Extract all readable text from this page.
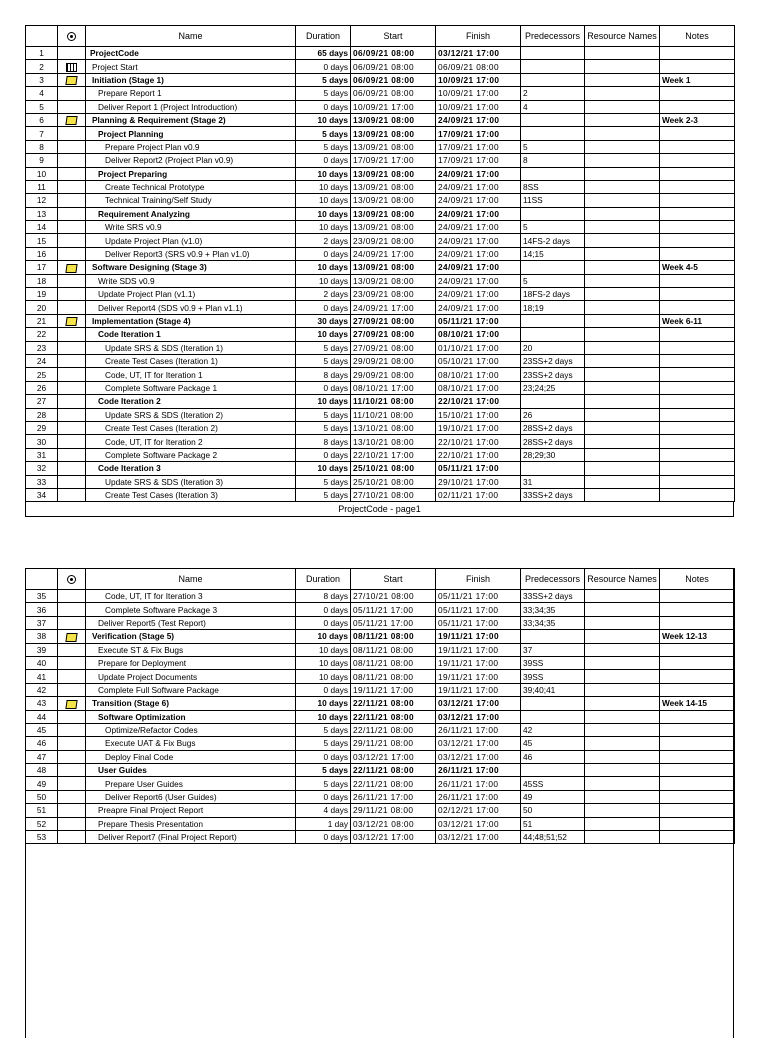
		Name	Duration	Start	Finish	Predecessors	Resource Names	Notes
1		ProjectCode	65 days	06/09/21 08:00	03/12/21 17:00			
2		Project Start	0 days	06/09/21 08:00	06/09/21 08:00			
3		Initiation (Stage 1)	5 days	06/09/21 08:00	10/09/21 17:00			Week 1
4		Prepare Report 1	5 days	06/09/21 08:00	10/09/21 17:00	2		
5		Deliver Report 1 (Project Introduction)	0 days	10/09/21 17:00	10/09/21 17:00	4		
6		Planning & Requirement (Stage 2)	10 days	13/09/21 08:00	24/09/21 17:00			Week 2-3
7		Project Planning	5 days	13/09/21 08:00	17/09/21 17:00			
8		Prepare Project Plan v0.9	5 days	13/09/21 08:00	17/09/21 17:00	5		
9		Deliver Report2 (Project Plan v0.9)	0 days	17/09/21 17:00	17/09/21 17:00	8		
10		Project Preparing	10 days	13/09/21 08:00	24/09/21 17:00			
11		Create Technical Prototype	10 days	13/09/21 08:00	24/09/21 17:00	8SS		
12		Technical Training/Self Study	10 days	13/09/21 08:00	24/09/21 17:00	11SS		
13		Requirement Analyzing	10 days	13/09/21 08:00	24/09/21 17:00			
14		Write SRS v0.9	10 days	13/09/21 08:00	24/09/21 17:00	5		
15		Update Project Plan (v1.0)	2 days	23/09/21 08:00	24/09/21 17:00	14FS-2 days		
16		Deliver Report3 (SRS v0.9 + Plan v1.0)	0 days	24/09/21 17:00	24/09/21 17:00	14;15		
17		Software Designing (Stage 3)	10 days	13/09/21 08:00	24/09/21 17:00			Week 4-5
18		Write SDS v0.9	10 days	13/09/21 08:00	24/09/21 17:00	5		
19		Update Project Plan (v1.1)	2 days	23/09/21 08:00	24/09/21 17:00	18FS-2 days		
20		Deliver Report4 (SDS v0.9 + Plan v1.1)	0 days	24/09/21 17:00	24/09/21 17:00	18;19		
21		Implementation (Stage 4)	30 days	27/09/21 08:00	05/11/21 17:00			Week 6-11
22		Code Iteration 1	10 days	27/09/21 08:00	08/10/21 17:00			
23		Update SRS & SDS (Iteration 1)	5 days	27/09/21 08:00	01/10/21 17:00	20		
24		Create Test Cases (Iteration 1)	5 days	29/09/21 08:00	05/10/21 17:00	23SS+2 days		
25		Code, UT, IT for Iteration 1	8 days	29/09/21 08:00	08/10/21 17:00	23SS+2 days		
26		Complete Software Package 1	0 days	08/10/21 17:00	08/10/21 17:00	23;24;25		
27		Code Iteration 2	10 days	11/10/21 08:00	22/10/21 17:00			
28		Update SRS & SDS (Iteration 2)	5 days	11/10/21 08:00	15/10/21 17:00	26		
29		Create Test Cases (Iteration 2)	5 days	13/10/21 08:00	19/10/21 17:00	28SS+2 days		
30		Code, UT, IT for Iteration 2	8 days	13/10/21 08:00	22/10/21 17:00	28SS+2 days		
31		Complete Software Package 2	0 days	22/10/21 17:00	22/10/21 17:00	28;29;30		
32		Code Iteration 3	10 days	25/10/21 08:00	05/11/21 17:00			
33		Update SRS & SDS (Iteration 3)	5 days	25/10/21 08:00	29/10/21 17:00	31		
34		Create Test Cases (Iteration 3)	5 days	27/10/21 08:00	02/11/21 17:00	33SS+2 days		
ProjectCode - page1
		Name	Duration	Start	Finish	Predecessors	Resource Names	Notes
35		Code, UT, IT for Iteration 3	8 days	27/10/21 08:00	05/11/21 17:00	33SS+2 days		
36		Complete Software Package 3	0 days	05/11/21 17:00	05/11/21 17:00	33;34;35		
37		Deliver Report5 (Test Report)	0 days	05/11/21 17:00	05/11/21 17:00	33;34;35		
38		Verification (Stage 5)	10 days	08/11/21 08:00	19/11/21 17:00			Week 12-13
39		Execute ST & Fix Bugs	10 days	08/11/21 08:00	19/11/21 17:00	37		
40		Prepare for Deployment	10 days	08/11/21 08:00	19/11/21 17:00	39SS		
41		Update Project Documents	10 days	08/11/21 08:00	19/11/21 17:00	39SS		
42		Complete Full Software Package	0 days	19/11/21 17:00	19/11/21 17:00	39;40;41		
43		Transition (Stage 6)	10 days	22/11/21 08:00	03/12/21 17:00			Week 14-15
44		Software Optimization	10 days	22/11/21 08:00	03/12/21 17:00			
45		Optimize/Refactor Codes	5 days	22/11/21 08:00	26/11/21 17:00	42		
46		Execute UAT & Fix Bugs	5 days	29/11/21 08:00	03/12/21 17:00	45		
47		Deploy Final Code	0 days	03/12/21 17:00	03/12/21 17:00	46		
48		User Guides	5 days	22/11/21 08:00	26/11/21 17:00			
49		Prepare User Guides	5 days	22/11/21 08:00	26/11/21 17:00	45SS		
50		Deliver Report6 (User Guides)	0 days	26/11/21 17:00	26/11/21 17:00	49		
51		Preapre Final Project Report	4 days	29/11/21 08:00	02/12/21 17:00	50		
52		Prepare Thesis Presentation	1 day	03/12/21 08:00	03/12/21 17:00	51		
53		Deliver Report7 (Final Project Report)	0 days	03/12/21 17:00	03/12/21 17:00	44;48;51;52		
